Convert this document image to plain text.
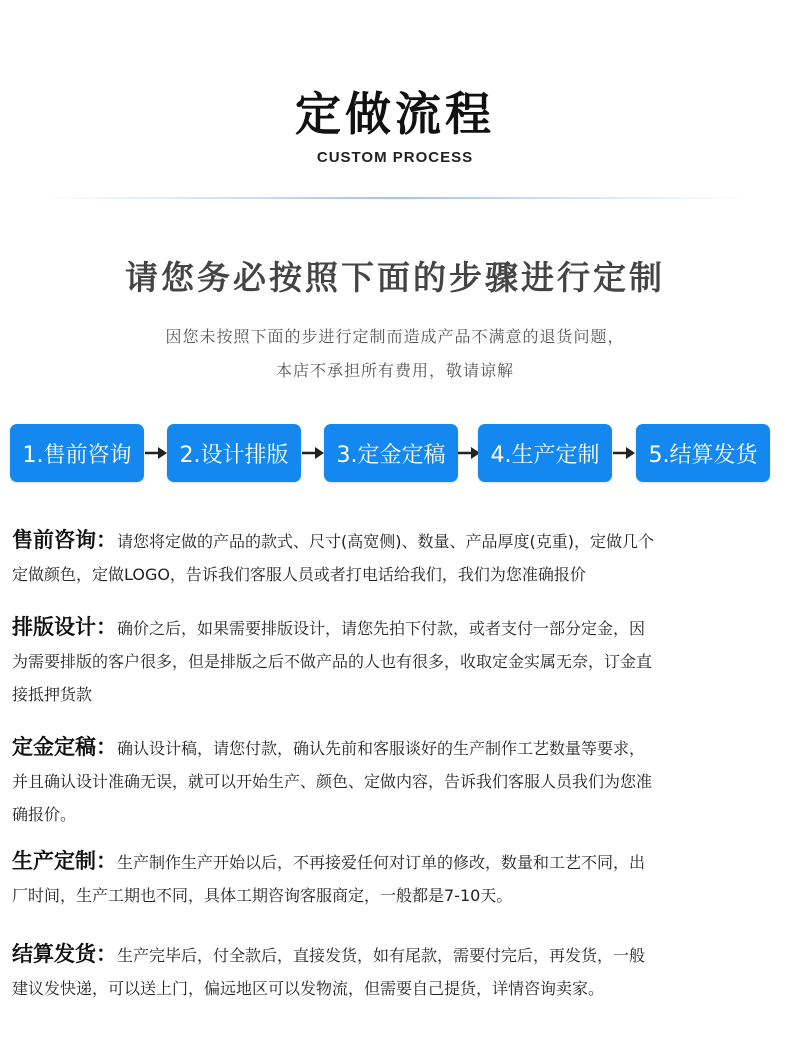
定做流程
CUSTOM PROCESS
请您务必按照下面的步骤进行定制
因您未按照下面的步进行定制而造成产品不满意的退货问题，
本店不承担所有费用，敬请谅解
1.售前咨询	2.设计排版	3.定金定稿	4.生产定制	5.结算发货
售前咨询：请您将定做的产品的款式、尺寸(高宽侧)、数量、产品厚度(克重)，定做几个
定做颜色，定做LOGO，告诉我们客服人员或者打电话给我们，我们为您准确报价
排版设计：确价之后，如果需要排版设计，请您先拍下付款，或者支付一部分定金，因
为需要排版的客户很多，但是排版之后不做产品的人也有很多，收取定金实属无奈，订金直
接抵押货款
定金定稿：确认设计稿，请您付款，确认先前和客服谈好的生产制作工艺数量等要求，
并且确认设计准确无误，就可以开始生产、颜色、定做内容，告诉我们客服人员我们为您准
确报价。
生产定制：生产制作生产开始以后，不再接爱任何对订单的修改，数量和工艺不同，出
厂时间，生产工期也不同，具体工期咨询客服商定，一般都是7-10天。
结算发货：生产完毕后，付全款后，直接发货，如有尾款，需要付完后，再发货，一般
建议发快递，可以送上门，偏远地区可以发物流，但需要自己提货，详情咨询卖家。
